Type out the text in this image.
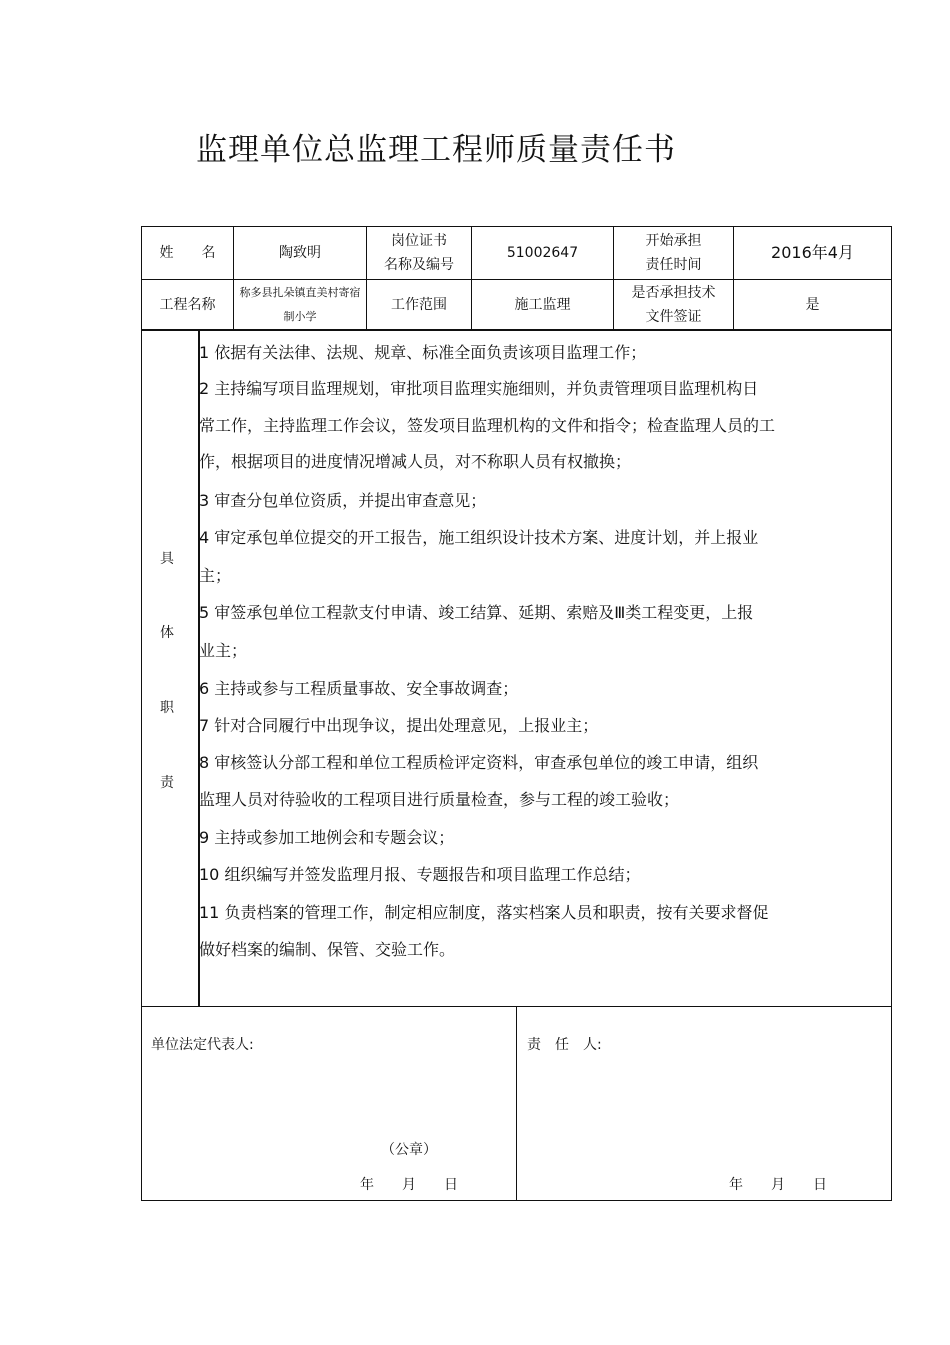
监理单位总监理工程师质量责任书
姓　　名	陶致明
岗位证书
名称及编号
51002647
开始承担
责任时间
2016年4月
工程名称
称多县扎朵镇直美村寄宿
制小学
工作范围	施工监理
是否承担技术
文件签证
是
具
体
职
责
1 依据有关法律、法规、规章、标准全面负责该项目监理工作；
2 主持编写项目监理规划，审批项目监理实施细则，并负责管理项目监理机构日
常工作，主持监理工作会议，签发项目监理机构的文件和指令；检查监理人员的工
作，根据项目的进度情况增减人员，对不称职人员有权撤换；
3 审查分包单位资质，并提出审查意见；
4 审定承包单位提交的开工报告，施工组织设计技术方案、进度计划，并上报业
主；
5 审签承包单位工程款支付申请、竣工结算、延期、索赔及Ⅲ类工程变更，上报
业主；
6 主持或参与工程质量事故、安全事故调查；
7 针对合同履行中出现争议，提出处理意见，上报业主；
8 审核签认分部工程和单位工程质检评定资料，审查承包单位的竣工申请，组织
监理人员对待验收的工程项目进行质量检查，参与工程的竣工验收；
9 主持或参加工地例会和专题会议；
10 组织编写并签发监理月报、专题报告和项目监理工作总结；
11 负责档案的管理工作，制定相应制度，落实档案人员和职责，按有关要求督促
做好档案的编制、保管、交验工作。
单位法定代表人:
（公章）
年　　月　　日
责　任　人:
年　　月　　日
